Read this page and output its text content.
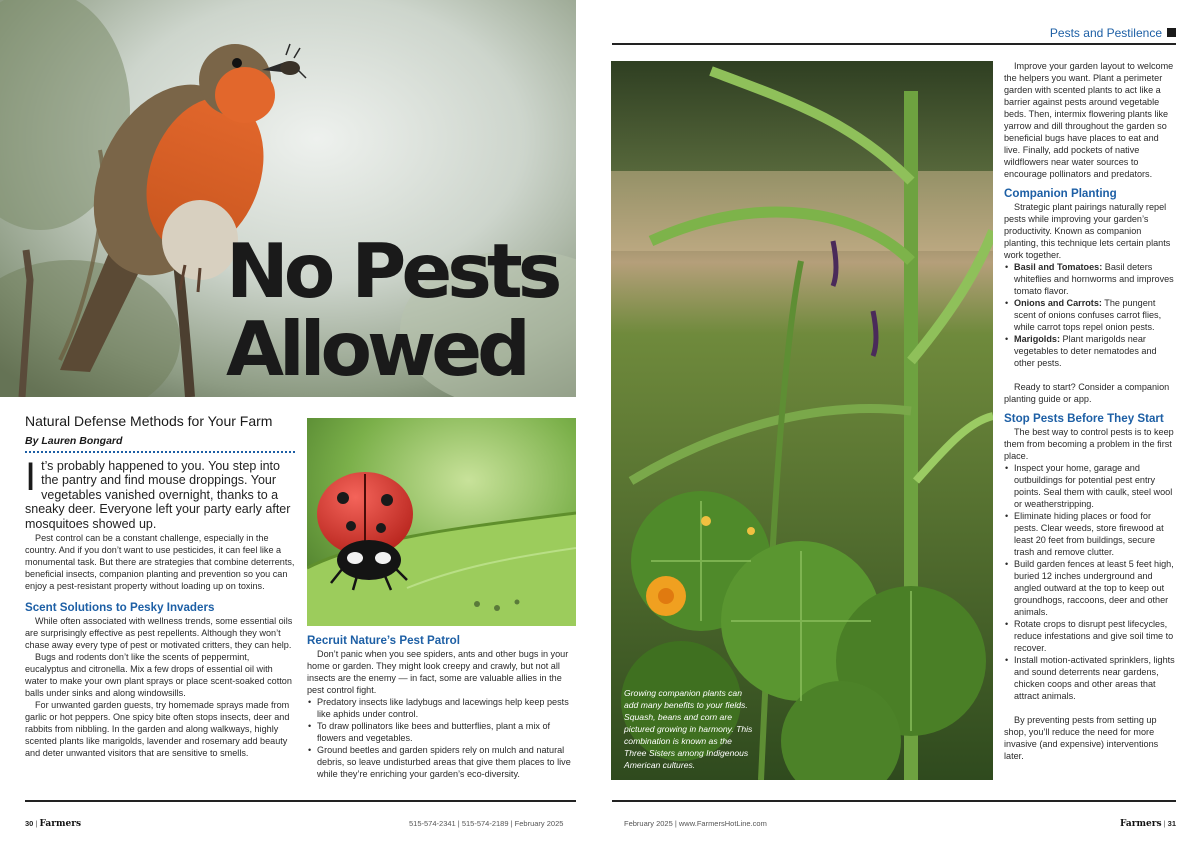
Pests and Pestilence
No Pests
Allowed
Natural Defense Methods for Your Farm
By Lauren Bongard
It’s probably happened to you. You step into the pantry and find mouse droppings. Your vegetables vanished overnight, thanks to a sneaky deer. Everyone left your party early after mosquitoes showed up.

Pest control can be a constant challenge, especially in the country. And if you don’t want to use pesticides, it can feel like a monumental task. But there are strategies that combine deterrents, beneficial insects, companion planting and prevention so you can enjoy a pest-resistant property without loading up on toxins.

Scent Solutions to Pesky Invaders

While often associated with wellness trends, some essential oils are surprisingly effective as pest repellents. Although they won’t chase away every type of pest or motivated critters, they can help.

Bugs and rodents don’t like the scents of peppermint, eucalyptus and citronella. Mix a few drops of essential oil with water to make your own plant sprays or place scent-soaked cotton balls under sinks and along windowsills.

For unwanted garden guests, try homemade sprays made from garlic or hot peppers. One spicy bite often stops insects, deer and rabbits from nibbling. In the garden and along walkways, highly scented plants like marigolds, lavender and rosemary add beauty and deter unwanted visitors that are sensitive to smells.

Recruit Nature’s Pest Patrol

Don’t panic when you see spiders, ants and other bugs in your home or garden. They might look creepy and crawly, but not all insects are the enemy — in fact, some are valuable allies in the pest control fight.

• Predatory insects like ladybugs and lacewings help keep pests like aphids under control.
• To draw pollinators like bees and butterflies, plant a mix of flowers and vegetables.
• Ground beetles and garden spiders rely on mulch and natural debris, so leave undisturbed areas that give them places to live while they’re enriching your garden’s eco-diversity.
Growing companion plants can add many benefits to your fields. Squash, beans and corn are pictured growing in harmony. This combination is known as the Three Sisters among Indigenous American cultures.

Improve your garden layout to welcome the helpers you want. Plant a perimeter garden with scented plants to act like a barrier against pests around vegetable beds. Then, intermix flowering plants like yarrow and dill throughout the garden so beneficial bugs have places to eat and live. Finally, add pockets of native wildflowers near water sources to encourage pollinators and predators.

Companion Planting

Strategic plant pairings naturally repel pests while improving your garden’s productivity. Known as companion planting, this technique lets certain plants work together.

• Basil and Tomatoes: Basil deters whiteflies and hornworms and improves tomato flavor.
• Onions and Carrots: The pungent scent of onions confuses carrot flies, while carrot tops repel onion pests.
• Marigolds: Plant marigolds near vegetables to deter nematodes and other pests.

Ready to start? Consider a companion planting guide or app.

Stop Pests Before They Start

The best way to control pests is to keep them from becoming a problem in the first place.

• Inspect your home, garage and outbuildings for potential pest entry points. Seal them with caulk, steel wool or weatherstripping.
• Eliminate hiding places or food for pests. Clear weeds, store firewood at least 20 feet from buildings, secure trash and remove clutter.
• Build garden fences at least 5 feet high, buried 12 inches underground and angled outward at the top to keep out groundhogs, raccoons, deer and other animals.
• Rotate crops to disrupt pest lifecycles, reduce infestations and give soil time to recover.
• Install motion-activated sprinklers, lights and sound deterrents near gardens, chicken coops and other areas that attract animals.

By preventing pests from setting up shop, you’ll reduce the need for more invasive (and expensive) interventions later.

30 | Farmers	515-574-2341 | 515-574-2189 | February 2025	February 2025 | www.FarmersHotLine.com	Farmers | 31
